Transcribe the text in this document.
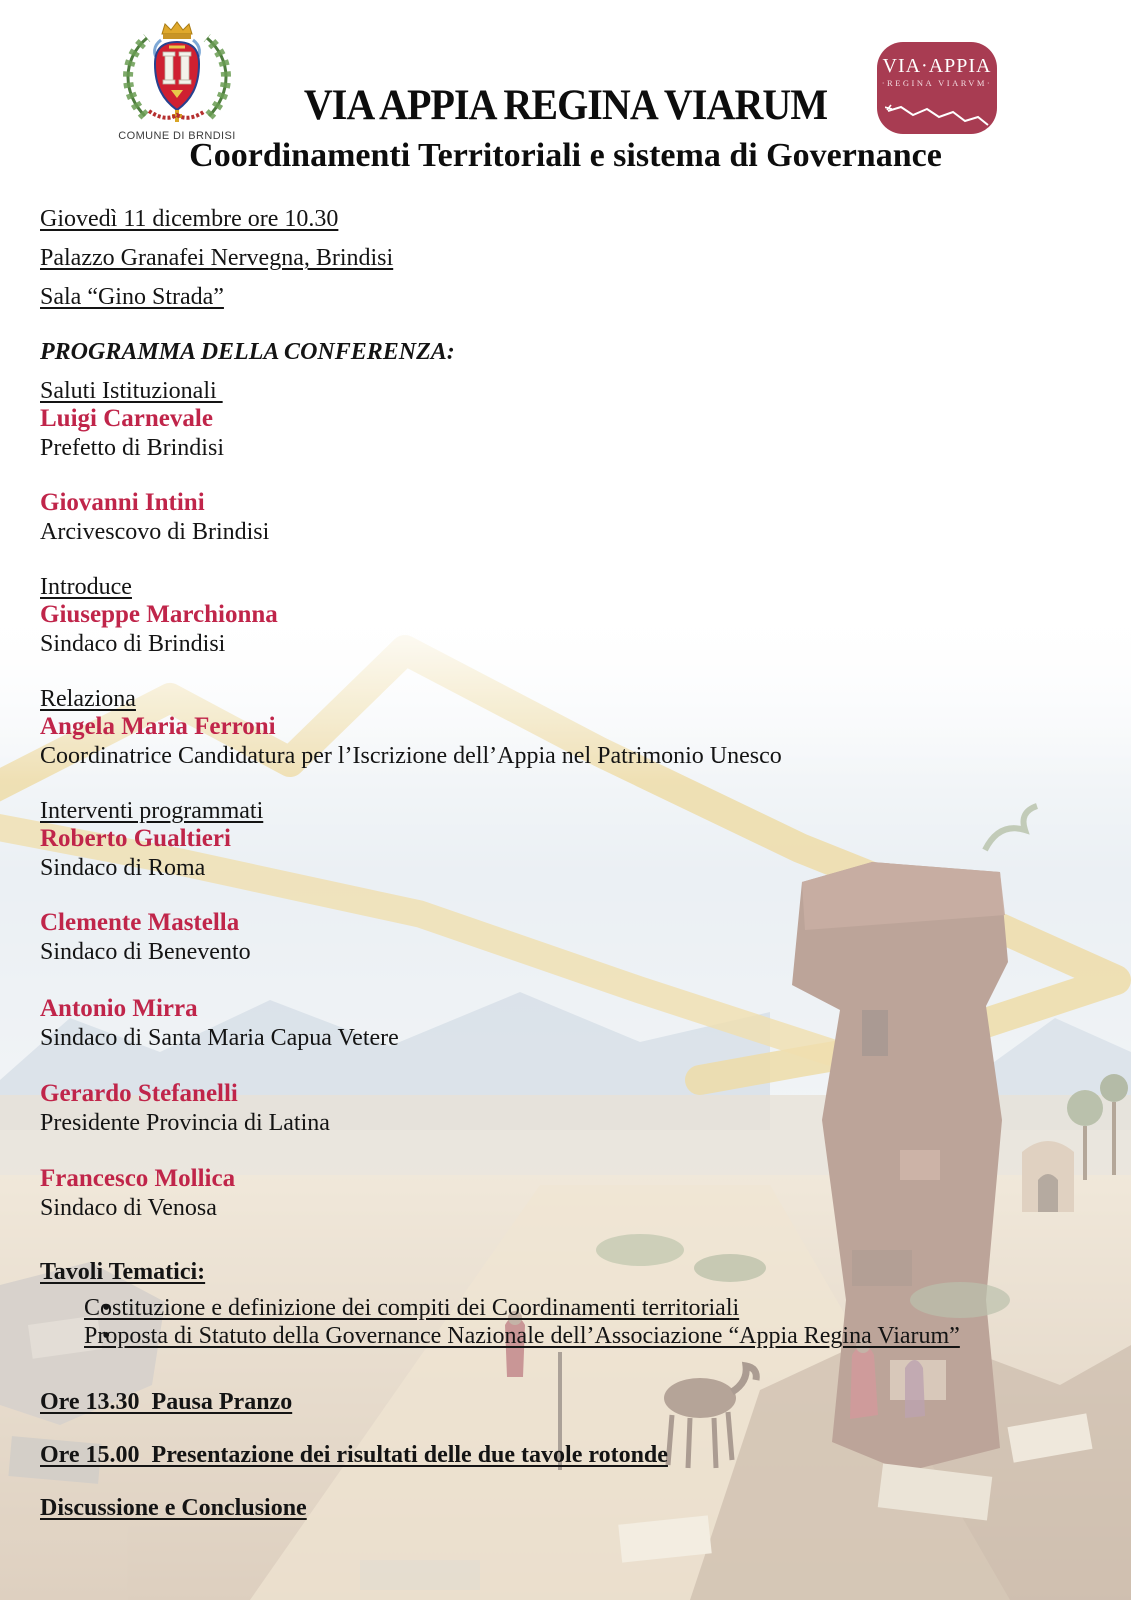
COMUNE DI BRNDISI
VIA APPIA REGINA VIARUM
Coordinamenti Territoriali e sistema di Governance
VIA·APPIA
·REGINA VIARVM·
Giovedì 11 dicembre ore 10.30
Palazzo Granafei Nervegna, Brindisi
Sala “Gino Strada”
PROGRAMMA DELLA CONFERENZA:
Saluti Istituzionali
Luigi Carnevale
Prefetto di Brindisi
Giovanni Intini
Arcivescovo di Brindisi
Introduce
Giuseppe Marchionna
Sindaco di Brindisi
Relaziona
Angela Maria Ferroni
Coordinatrice Candidatura per l’Iscrizione dell’Appia nel Patrimonio Unesco
Interventi programmati
Roberto Gualtieri
Sindaco di Roma
Clemente Mastella
Sindaco di Benevento
Antonio Mirra
Sindaco di Santa Maria Capua Vetere
Gerardo Stefanelli
Presidente Provincia di Latina
Francesco Mollica
Sindaco di Venosa
Tavoli Tematici:
• Costituzione e definizione dei compiti dei Coordinamenti territoriali
• Proposta di Statuto della Governance Nazionale dell’Associazione “Appia Regina Viarum”
Ore 13.30  Pausa Pranzo
Ore 15.00  Presentazione dei risultati delle due tavole rotonde
Discussione e Conclusione
